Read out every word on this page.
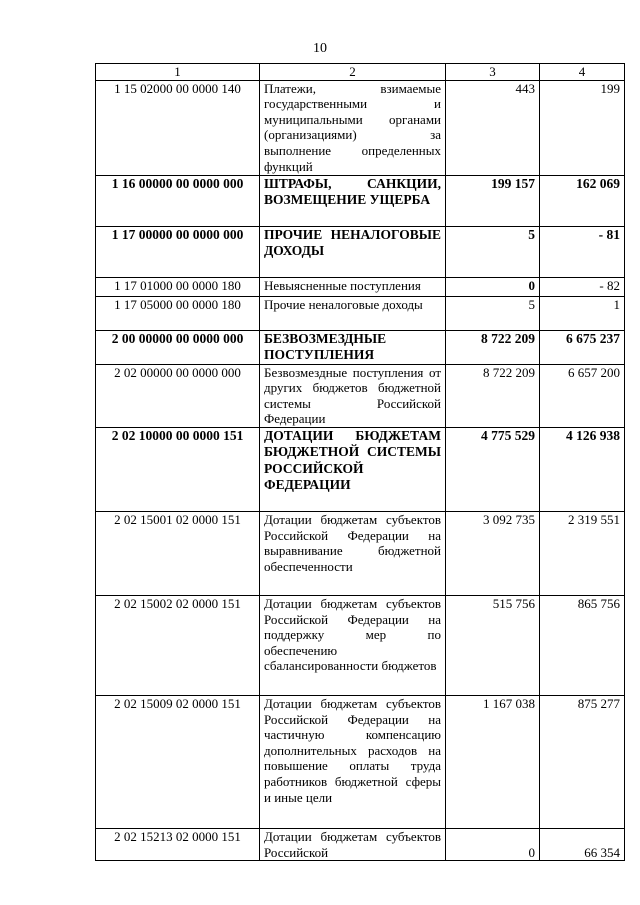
10
1	2	3	4
1 15 02000 00 0000 140	Платежи, взимаемые государственными и муниципальными органами (организациями) за выполнение определенных функций	443	199
1 16 00000 00 0000 000	ШТРАФЫ, САНКЦИИ, ВОЗМЕЩЕНИЕ УЩЕРБА	199 157	162 069
1 17 00000 00 0000 000	ПРОЧИЕ НЕНАЛОГОВЫЕ ДОХОДЫ	5	- 81
1 17 01000 00 0000 180	Невыясненные поступления	0	- 82
1 17 05000 00 0000 180	Прочие неналоговые доходы	5	1
2 00 00000 00 0000 000	БЕЗВОЗМЕЗДНЫЕ ПОСТУПЛЕНИЯ	8 722 209	6 675 237
2 02 00000 00 0000 000	Безвозмездные поступления от других бюджетов бюджетной системы Российской Федерации	8 722 209	6 657 200
2 02 10000 00 0000 151	ДОТАЦИИ БЮДЖЕТАМ БЮДЖЕТНОЙ СИСТЕМЫ РОССИЙСКОЙ ФЕДЕРАЦИИ	4 775 529	4 126 938
2 02 15001 02 0000 151	Дотации бюджетам субъектов Российской Федерации на выравнивание бюджетной обеспеченности	3 092 735	2 319 551
2 02 15002 02 0000 151	Дотации бюджетам субъектов Российской Федерации на поддержку мер по обеспечению сбалансированности бюджетов	515 756	865 756
2 02 15009 02 0000 151	Дотации бюджетам субъектов Российской Федерации на частичную компенсацию дополнительных расходов на повышение оплаты труда работников бюджетной сферы и иные цели	1 167 038	875 277
2 02 15213 02 0000 151	Дотации бюджетам субъектов Российской	0	66 354
